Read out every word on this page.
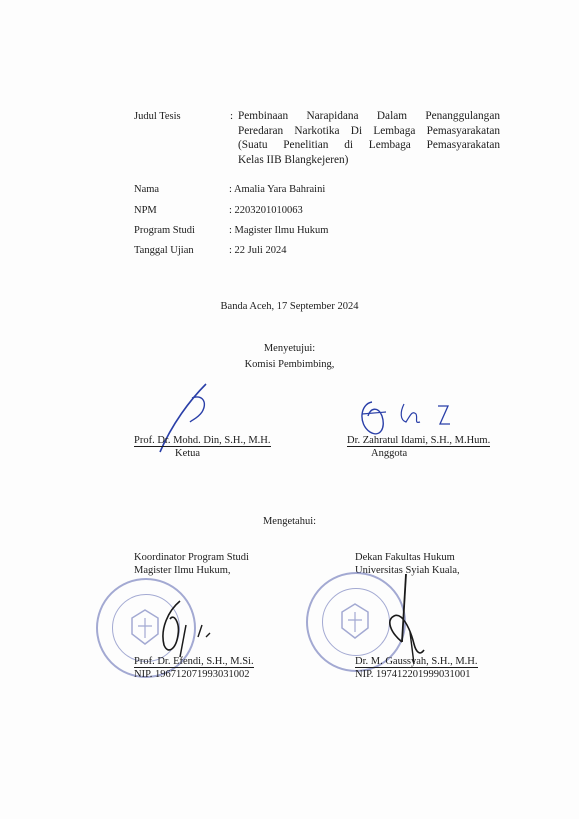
Judul Tesis	: Pembinaan Narapidana Dalam Penanggulangan
Peredaran Narkotika Di Lembaga Pemasyarakatan
(Suatu Penelitian di Lembaga Pemasyarakatan
Kelas IIB Blangkejeren)
Nama	: Amalia Yara Bahraini
NPM	: 2203201010063
Program Studi	: Magister Ilmu Hukum
Tanggal Ujian	: 22 Juli 2024
Banda Aceh, 17 September 2024
Menyetujui:
Komisi Pembimbing,
Prof. Dr. Mohd. Din, S.H., M.H.
Ketua
Dr. Zahratul Idami, S.H., M.Hum.
Anggota
Mengetahui:
Koordinator Program Studi
Magister Ilmu Hukum,
Dekan Fakultas Hukum
Universitas Syiah Kuala,
Prof. Dr. Efendi, S.H., M.Si.
NIP. 196712071993031002
Dr. M. Gaussyah, S.H., M.H.
NIP. 197412201999031001
